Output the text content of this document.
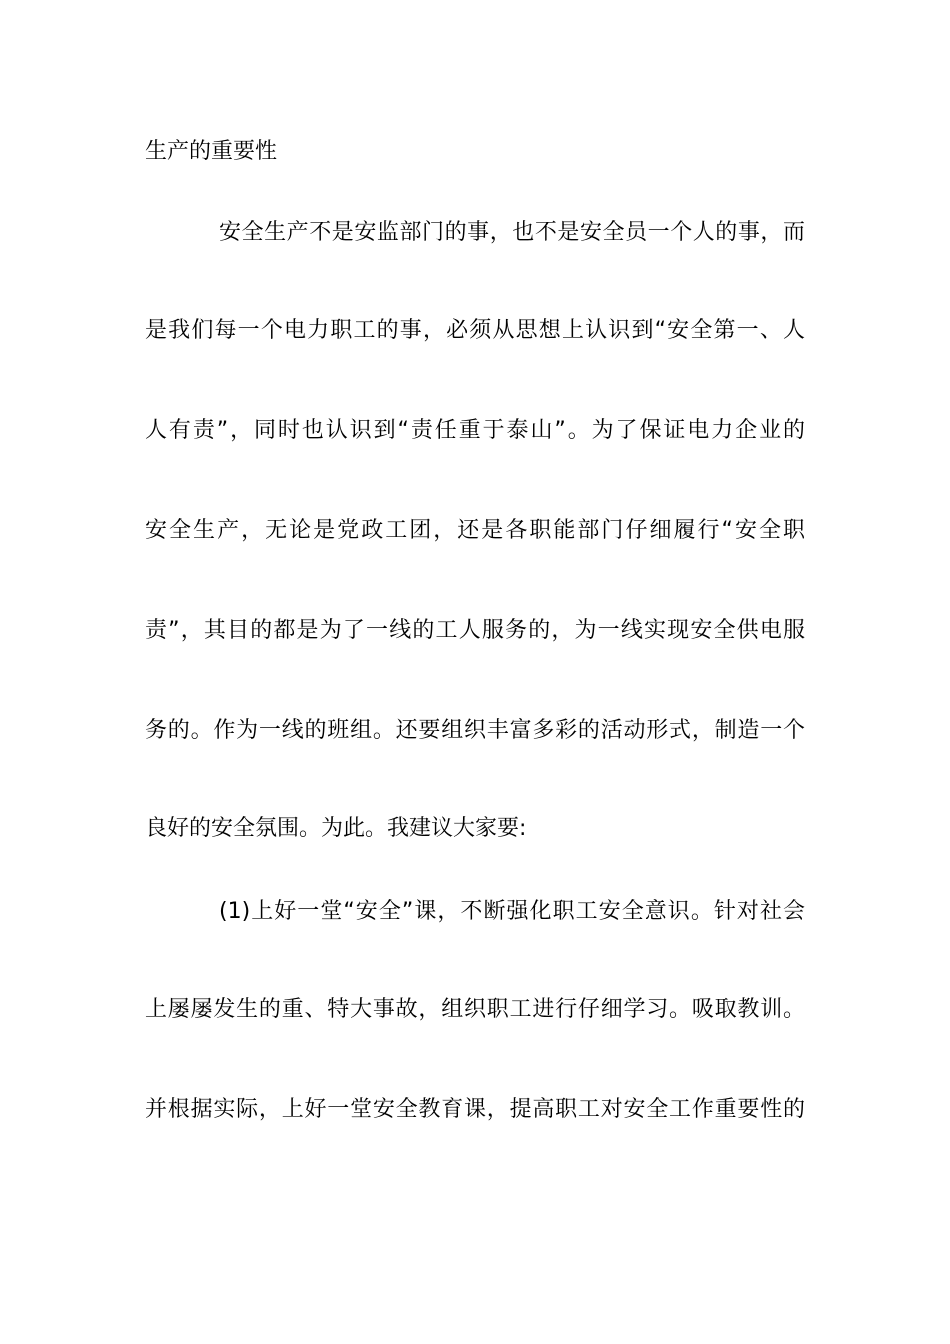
生产的重要性
安全生产不是安监部门的事，也不是安全员一个人的事，而
是我们每一个电力职工的事，必须从思想上认识到“安全第一、人
人有责”，同时也认识到“责任重于泰山”。为了保证电力企业的
安全生产，无论是党政工团，还是各职能部门仔细履行“安全职
责”，其目的都是为了一线的工人服务的，为一线实现安全供电服
务的。作为一线的班组。还要组织丰富多彩的活动形式，制造一个
良好的安全氛围。为此。我建议大家要:
(1)上好一堂“安全”课，不断强化职工安全意识。针对社会
上屡屡发生的重、特大事故，组织职工进行仔细学习。吸取教训。
并根据实际，上好一堂安全教育课，提高职工对安全工作重要性的
